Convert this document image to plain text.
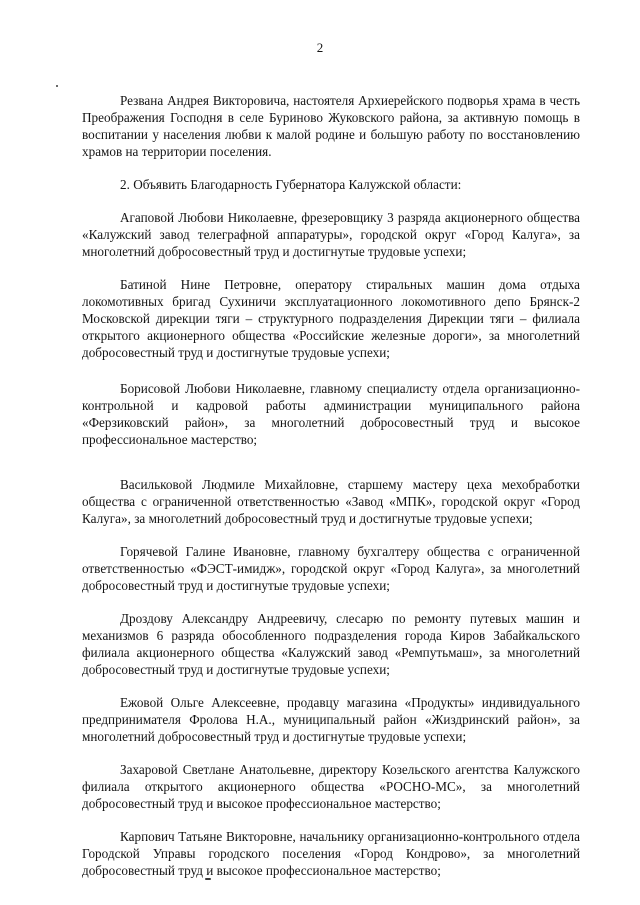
2

Резвана Андрея Викторовича, настоятеля Архиерейского подворья храма в честь Преображения Господня в селе Буриново Жуковского района, за активную помощь в воспитании у населения любви к малой родине и большую работу по восстановлению храмов на территории поселения.

2. Объявить Благодарность Губернатора Калужской области:

Агаповой Любови Николаевне, фрезеровщику 3 разряда акционерного общества «Калужский завод телеграфной аппаратуры», городской округ «Город Калуга», за многолетний добросовестный труд и достигнутые трудовые успехи;

Батиной Нине Петровне, оператору стиральных машин дома отдыха локомотивных бригад Сухиничи эксплуатационного локомотивного депо Брянск-2 Московской дирекции тяги – структурного подразделения Дирекции тяги – филиала открытого акционерного общества «Российские железные дороги», за многолетний добросовестный труд и достигнутые трудовые успехи;

Борисовой Любови Николаевне, главному специалисту отдела организационно-контрольной и кадровой работы администрации муниципального района «Ферзиковский район», за многолетний добросовестный труд и высокое профессиональное мастерство;

Васильковой Людмиле Михайловне, старшему мастеру цеха мехобработки общества с ограниченной ответственностью «Завод «МПК», городской округ «Город Калуга», за многолетний добросовестный труд и достигнутые трудовые успехи;

Горячевой Галине Ивановне, главному бухгалтеру общества с ограниченной ответственностью «ФЭСТ-имидж», городской округ «Город Калуга», за многолетний добросовестный труд и достигнутые трудовые успехи;

Дроздову Александру Андреевичу, слесарю по ремонту путевых машин и механизмов 6 разряда обособленного подразделения города Киров Забайкальского филиала акционерного общества «Калужский завод «Ремпутьмаш», за многолетний добросовестный труд и достигнутые трудовые успехи;

Ежовой Ольге Алексеевне, продавцу магазина «Продукты» индивидуального предпринимателя Фролова Н.А., муниципальный район «Жиздринский район», за многолетний добросовестный труд и достигнутые трудовые успехи;

Захаровой Светлане Анатольевне, директору Козельского агентства Калужского филиала открытого акционерного общества «РОСНО-МС», за многолетний добросовестный труд и высокое профессиональное мастерство;

Карпович Татьяне Викторовне, начальнику организационно-контрольного отдела Городской Управы городского поселения «Город Кондрово», за многолетний добросовестный труд и высокое профессиональное мастерство;
